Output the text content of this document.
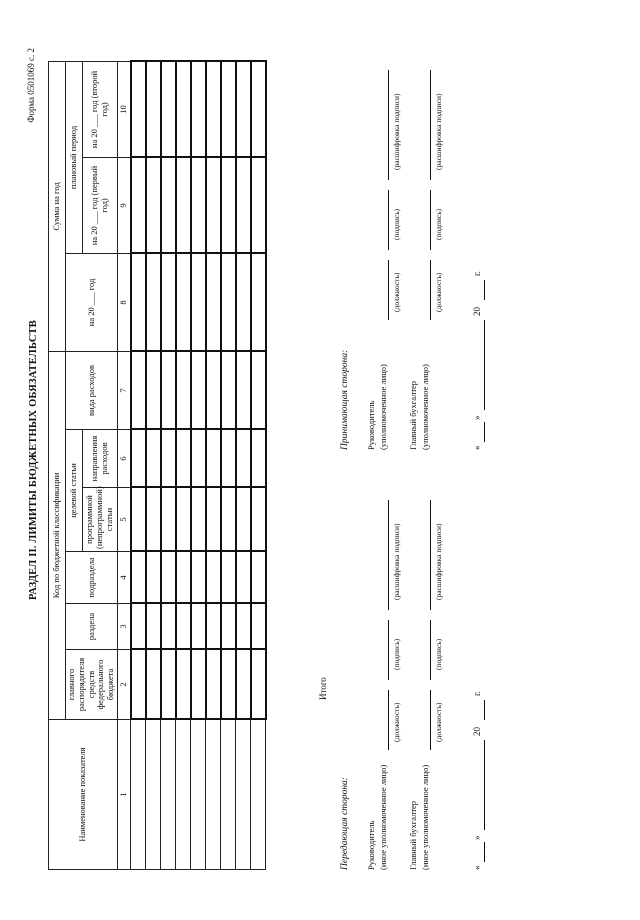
Форма 0501069 с. 2
РАЗДЕЛ II. ЛИМИТЫ БЮДЖЕТНЫХ ОБЯЗАТЕЛЬСТВ
Наименование показателя	Код по бюджетной классификации						Сумма на год		
	главного распорядителя средств федерального бюджета	раздела	подраздела	целевой статьи		вида расходов	на 20 ___ год	плановый период	
				программной (непрограммной) статьи	направления расходов			на 20 ___ год (первый год)	на 20 ___ год (второй год)

1	2	3	4	5	6	7	8	9	10

Итого
Передающая сторона: Руководитель (иное уполномоченное лицо)
(должность)
(подпись)
(расшифровка подписи)
Главный бухгалтер (иное уполномоченное лицо)
(должность)
(подпись)
(расшифровка подписи)
«
»
20
г.
Принимающая сторона: Руководитель (уполномоченное лицо)
(должность)
(подпись)
(расшифровка подписи)
Главный бухгалтер (уполномоченное лицо)
(должность)
(подпись)
(расшифровка подписи)
«
»
20
г.
